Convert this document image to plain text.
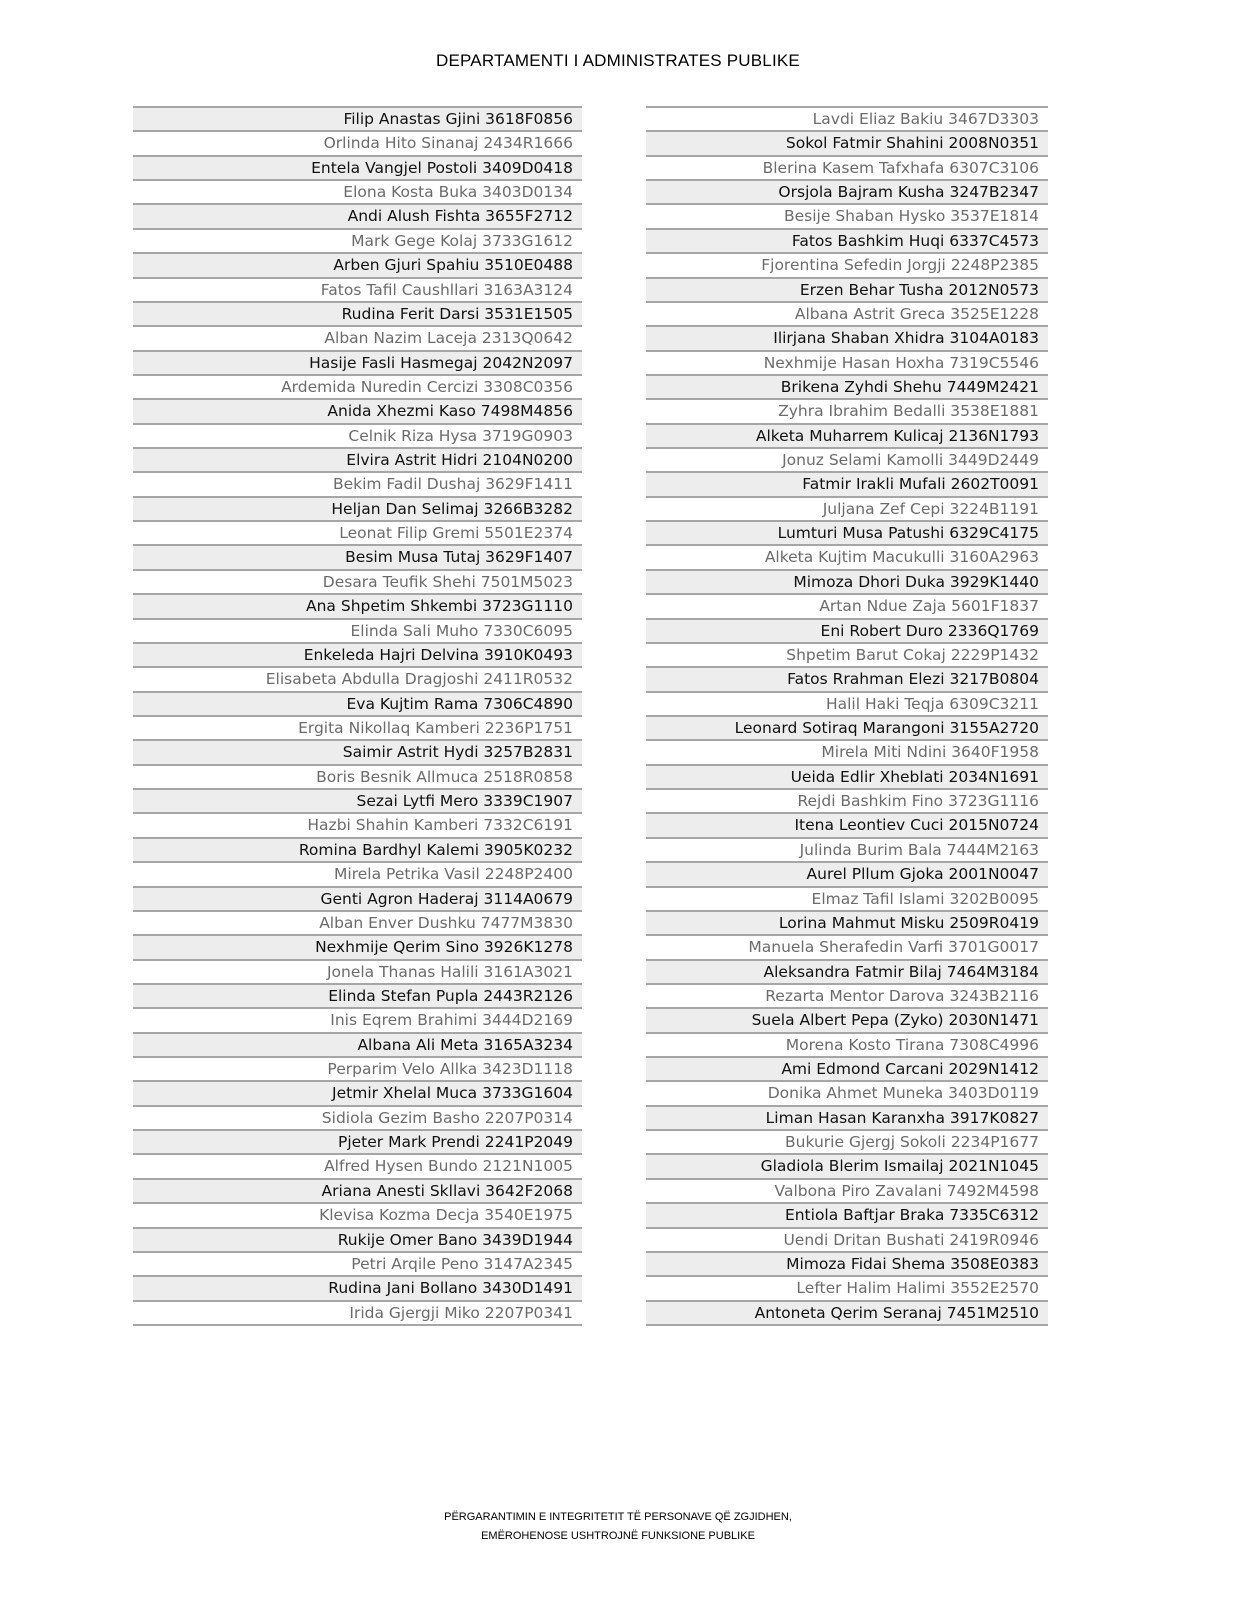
DEPARTAMENTI I ADMINISTRATES PUBLIKE
Filip Anastas Gjini 3618F0856
Orlinda Hito Sinanaj 2434R1666
Entela Vangjel Postoli 3409D0418
Elona Kosta Buka 3403D0134
Andi Alush Fishta 3655F2712
Mark Gege Kolaj 3733G1612
Arben Gjuri Spahiu 3510E0488
Fatos Tafil Caushllari 3163A3124
Rudina Ferit Darsi 3531E1505
Alban Nazim Laceja 2313Q0642
Hasije Fasli Hasmegaj 2042N2097
Ardemida Nuredin Cercizi 3308C0356
Anida Xhezmi Kaso 7498M4856
Celnik Riza Hysa 3719G0903
Elvira Astrit Hidri 2104N0200
Bekim Fadil Dushaj 3629F1411
Heljan Dan Selimaj 3266B3282
Leonat Filip Gremi 5501E2374
Besim Musa Tutaj 3629F1407
Desara Teufik Shehi 7501M5023
Ana Shpetim Shkembi 3723G1110
Elinda Sali Muho 7330C6095
Enkeleda Hajri Delvina 3910K0493
Elisabeta Abdulla Dragjoshi 2411R0532
Eva Kujtim Rama 7306C4890
Ergita Nikollaq Kamberi 2236P1751
Saimir Astrit Hydi 3257B2831
Boris Besnik Allmuca 2518R0858
Sezai Lytfi Mero 3339C1907
Hazbi Shahin Kamberi 7332C6191
Romina Bardhyl Kalemi 3905K0232
Mirela Petrika Vasil 2248P2400
Genti Agron Haderaj 3114A0679
Alban Enver Dushku 7477M3830
Nexhmije Qerim Sino 3926K1278
Jonela Thanas Halili 3161A3021
Elinda Stefan Pupla 2443R2126
Inis Eqrem Brahimi 3444D2169
Albana Ali Meta 3165A3234
Perparim Velo Allka 3423D1118
Jetmir Xhelal Muca 3733G1604
Sidiola Gezim Basho 2207P0314
Pjeter Mark Prendi 2241P2049
Alfred Hysen Bundo 2121N1005
Ariana Anesti Skllavi 3642F2068
Klevisa Kozma Decja 3540E1975
Rukije Omer Bano 3439D1944
Petri Arqile Peno 3147A2345
Rudina Jani Bollano 3430D1491
Irida Gjergji Miko 2207P0341
Lavdi Eliaz Bakiu 3467D3303
Sokol Fatmir Shahini 2008N0351
Blerina Kasem Tafxhafa 6307C3106
Orsjola Bajram Kusha 3247B2347
Besije Shaban Hysko 3537E1814
Fatos Bashkim Huqi 6337C4573
Fjorentina Sefedin Jorgji 2248P2385
Erzen Behar Tusha 2012N0573
Albana Astrit Greca 3525E1228
Ilirjana Shaban Xhidra 3104A0183
Nexhmije Hasan Hoxha 7319C5546
Brikena Zyhdi Shehu 7449M2421
Zyhra Ibrahim Bedalli 3538E1881
Alketa Muharrem Kulicaj 2136N1793
Jonuz Selami Kamolli 3449D2449
Fatmir Irakli Mufali 2602T0091
Juljana Zef Cepi 3224B1191
Lumturi Musa Patushi 6329C4175
Alketa Kujtim Macukulli 3160A2963
Mimoza Dhori Duka 3929K1440
Artan Ndue Zaja 5601F1837
Eni Robert Duro 2336Q1769
Shpetim Barut Cokaj 2229P1432
Fatos Rrahman Elezi 3217B0804
Halil Haki Teqja 6309C3211
Leonard Sotiraq Marangoni 3155A2720
Mirela Miti Ndini 3640F1958
Ueida Edlir Xheblati 2034N1691
Rejdi Bashkim Fino 3723G1116
Itena Leontiev Cuci 2015N0724
Julinda Burim Bala 7444M2163
Aurel Pllum Gjoka 2001N0047
Elmaz Tafil Islami 3202B0095
Lorina Mahmut Misku 2509R0419
Manuela Sherafedin Varfi 3701G0017
Aleksandra Fatmir Bilaj 7464M3184
Rezarta Mentor Darova 3243B2116
Suela Albert Pepa (Zyko) 2030N1471
Morena Kosto Tirana 7308C4996
Ami Edmond Carcani 2029N1412
Donika Ahmet Muneka 3403D0119
Liman Hasan Karanxha 3917K0827
Bukurie Gjergj Sokoli 2234P1677
Gladiola Blerim Ismailaj 2021N1045
Valbona Piro Zavalani 7492M4598
Entiola Baftjar Braka 7335C6312
Uendi Dritan Bushati 2419R0946
Mimoza Fidai Shema 3508E0383
Lefter Halim Halimi 3552E2570
Antoneta Qerim Seranaj 7451M2510
PËRGARANTIMIN E INTEGRITETIT TË PERSONAVE QË ZGJIDHEN,
EMËROHENOSE USHTROJNË FUNKSIONE PUBLIKE
